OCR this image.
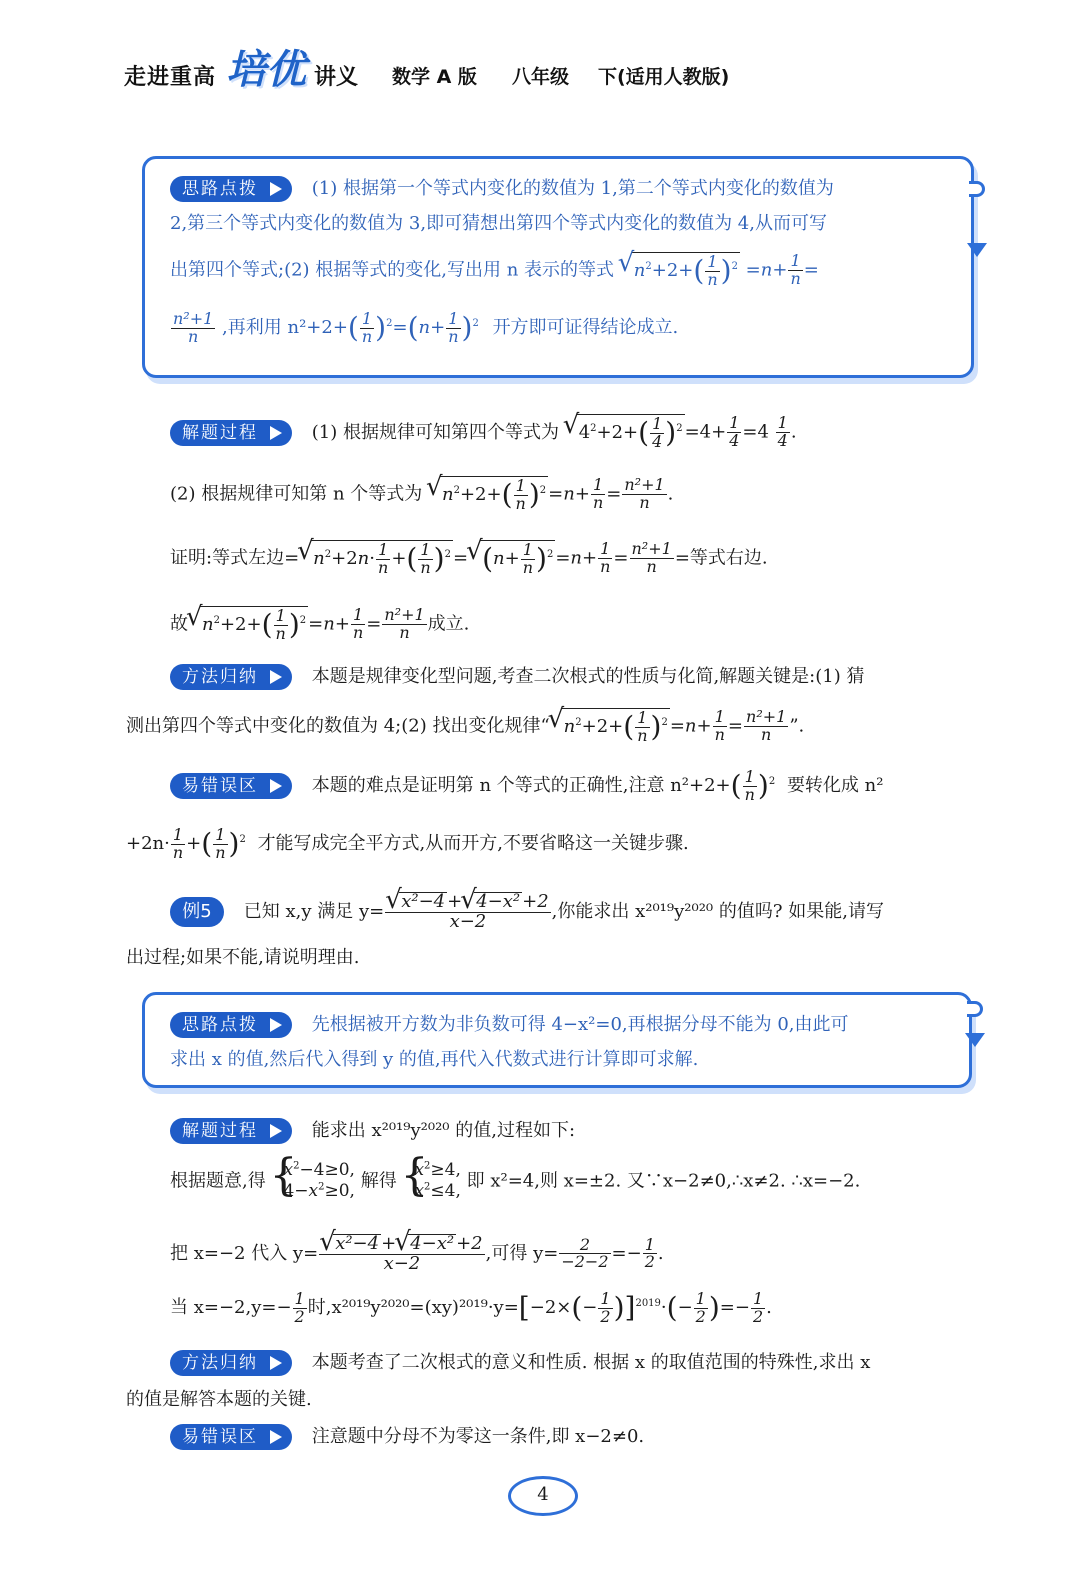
走进重高 培优 讲义 数学 A 版 八年级 下(适用人教版)
思路点拨	(1) 根据第一个等式内变化的数值为 1,第二个等式内变化的数值为
2,第三个等式内变化的数值为 3,即可猜想出第四个等式内变化的数值为 4,从而可写
出第四个等式;(2) 根据等式的变化,写出用 n 表示的等式 √ $n^2+2+( \frac{1}{n} )^2 =n+ \frac{1}{n}$ =
$\frac{\text{n²+1}}{n}$ ,再利用 $n^2+2+( \frac{1}{n} )^2=(n+ \frac{1}{n} )^2$ 开方即可证得结论成立.
解题过程	(1) 根据规律可知第四个等式为 √ $4^2+2+( \frac{1}{4} )^2 =4+ \frac{1}{4} =4 \frac{1}{4}$ .
(2) 根据规律可知第 n 个等式为 √ $n^2+2+( \frac{1}{n} )^2 =n+ \frac{1}{n} = \frac{\text{n²+1}}{n}$ .
证明:等式左边= √ $n^2+2n\cdot \frac{1}{n}$ +( $\frac{1}{n} )^2$ = √ $(n+ \frac{1}{n} )^2 =n+ \frac{1}{n} = \frac{\text{n²+1}}{n}$ =等式右边.
故 √ $n^2+2+( \frac{1}{n} )^2 =n+ \frac{1}{n} = \frac{\text{n²+1}}{n}$ 成立.
方法归纳	本题是规律变化型问题,考查二次根式的性质与化简,解题关键是:(1) 猜
测出第四个等式中变化的数值为 4;(2) 找出变化规律“ √ $n^2+2+( \frac{1}{n} )^2 =n+ \frac{1}{n} = \frac{\text{n²+1}}{n}$ ”.
易错误区	本题的难点是证明第 n 个等式的正确性,注意 $n^2+2+( \frac{1}{n} )^2$ 要转化成 n²
$+2n\cdot \frac{1}{n}$ +( $\frac{1}{n} )^2$ 才能写成完全平方式,从而开方,不要省略这一关键步骤.
例5 已知 x,y 满足 y= √ $\frac{\text{x²−4 + √ 4−x² +2}}{x-2}$ ,你能求出 x²⁰¹⁹y²⁰²⁰ 的值吗? 如果能,请写
出过程;如果不能,请说明理由.
思路点拨	先根据被开方数为非负数可得 4−x²=0,再根据分母不能为 0,由此可
求出 x 的值,然后代入得到 y 的值,再代入代数式进行计算即可求解.
解题过程	能求出 x²⁰¹⁹y²⁰²⁰ 的值,过程如下:
根据题意,得 { $x^2-4\ge 0$,
$4-x^2\ge 0$, 解得 { $x^2\ge 4$,
$x^2\le 4$, 即 x²=4,则 x=±2. 又∵x−2≠0,∴x≠2. ∴x=−2.
把 x=−2 代入 y= √ $\frac{\text{x²−4 + √ 4−x² +2}}{x-2}$ ,可得 $y= \frac{2}{-2-2} =- \frac{1}{2}$ .
当 $x=-2,y=- \frac{1}{2}$ 时$,x^{2019}y^{2020}=(xy)^{2019}\cdot y=[-2\times(- \frac{1}{2} )]^{2019}\cdot(- \frac{1}{2}$ )=− $\frac{1}{2}$ .
方法归纳	本题考查了二次根式的意义和性质. 根据 x 的取值范围的特殊性,求出 x
的值是解答本题的关键.
易错误区	注意题中分母不为零这一条件,即 x−2≠0.
4
